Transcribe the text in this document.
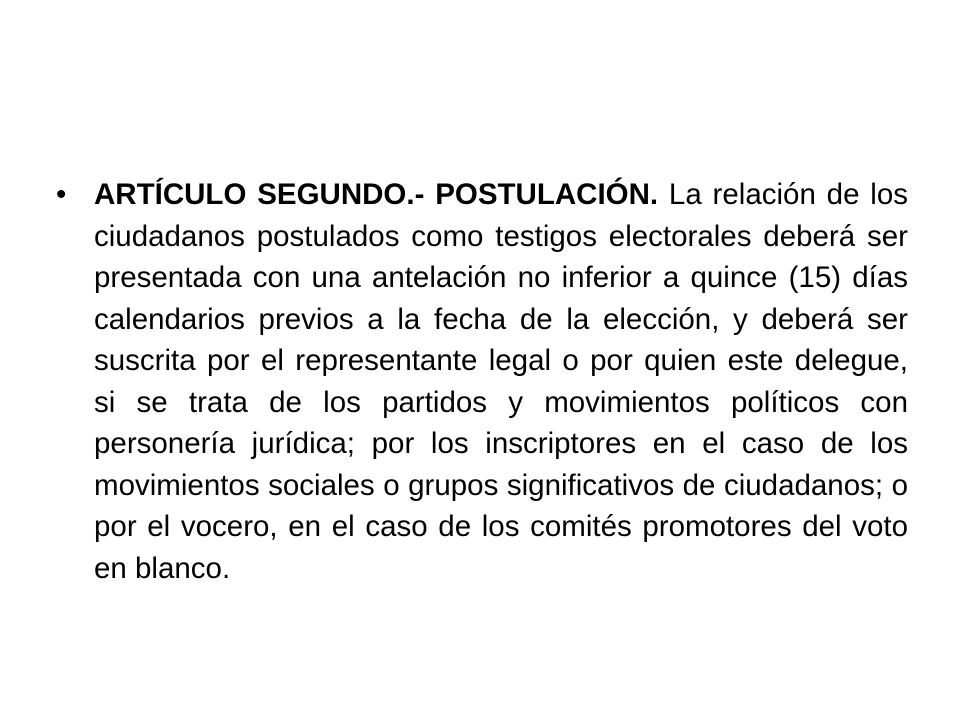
• ARTÍCULO SEGUNDO.- POSTULACIÓN. La relación de los ciudadanos postulados como testigos electorales deberá ser presentada con una antelación no inferior a quince (15) días calendarios previos a la fecha de la elección, y deberá ser suscrita por el representante legal o por quien este delegue, si se trata de los partidos y movimientos políticos con personería jurídica; por los inscriptores en el caso de los movimientos sociales o grupos significativos de ciudadanos; o por el vocero, en el caso de los comités promotores del voto en blanco.
